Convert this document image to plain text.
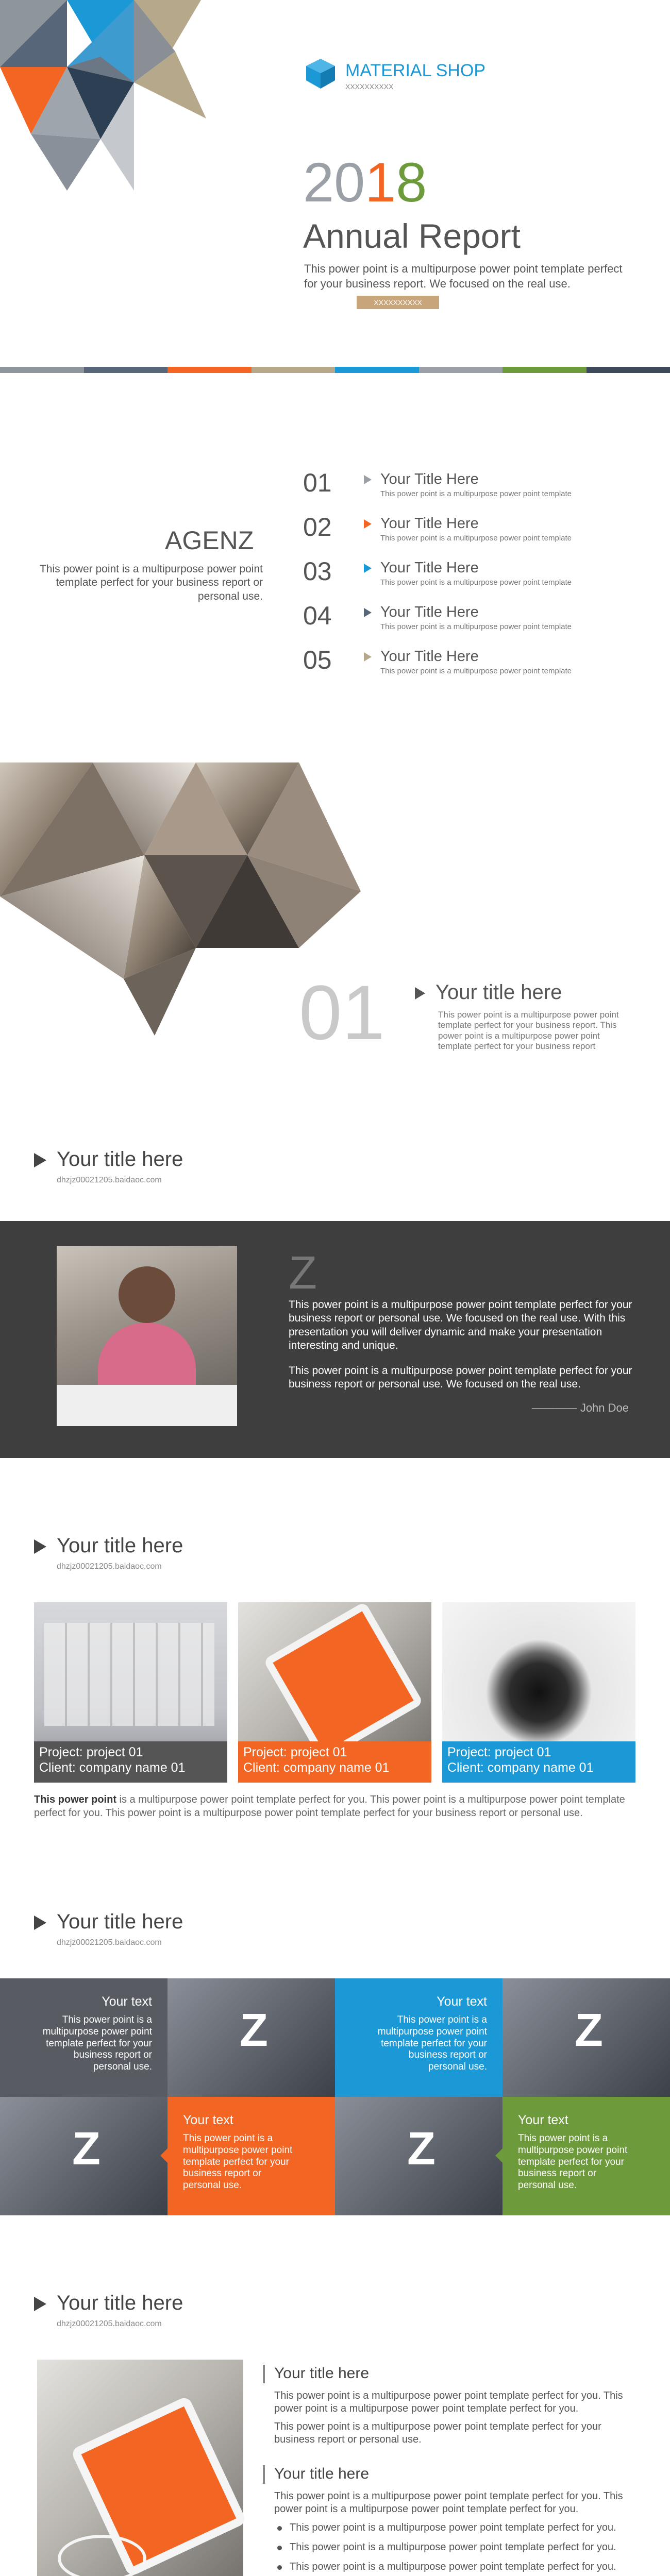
MATERIAL SHOP
XXXXXXXXXX
2018
Annual Report
This power point is a multipurpose power point template perfect for your business report. We focused on the real use.
XXXXXXXXXX
AGENZ
This power point is a multipurpose power point template perfect for your business report or personal use.
01	Your Title Here
This power point is a multipurpose power point template
02	Your Title Here
This power point is a multipurpose power point template
03	Your Title Here
This power point is a multipurpose power point template
04	Your Title Here
This power point is a multipurpose power point template
05	Your Title Here
This power point is a multipurpose power point template
01 Your title here
This power point is a multipurpose power point template perfect for your business report. This power point is a multipurpose power point template perfect for your business report
Your title here
dhzjz00021205.baidaoc.com
Z
This power point is a multipurpose power point template perfect for your business report or personal use. We focused on the real use. With this presentation you will deliver dynamic and make your presentation interesting and unique.
This power point is a multipurpose power point template perfect for your business report or personal use. We focused on the real use.
———— John Doe
Your title here
dhzjz00021205.baidaoc.com
Project: project 01
Client: company name 01
Project: project 01
Client: company name 01
Project: project 01
Client: company name 01
This power point is a multipurpose power point template perfect for you. This power point is a multipurpose power point template perfect for you. This power point is a multipurpose power point template perfect for your business report or personal use.
Your title here
dhzjz00021205.baidaoc.com
Your text
This power point is a multipurpose power point template perfect for your business report or personal use.
Z
Your text
This power point is a multipurpose power point template perfect for your business report or personal use.
Z
Z
Your text
This power point is a multipurpose power point template perfect for your business report or personal use.
Z
Your text
This power point is a multipurpose power point template perfect for your business report or personal use.
Your title here
dhzjz00021205.baidaoc.com
Your title here
This power point is a multipurpose power point template perfect for you. This power point is a multipurpose power point template perfect for you.
This power point is a multipurpose power point template perfect for your business report or personal use.
Your title here
This power point is a multipurpose power point template perfect for you. This power point is a multipurpose power point template perfect for you.
This power point is a multipurpose power point template perfect for you.
This power point is a multipurpose power point template perfect for you.
This power point is a multipurpose power point template perfect for you.
